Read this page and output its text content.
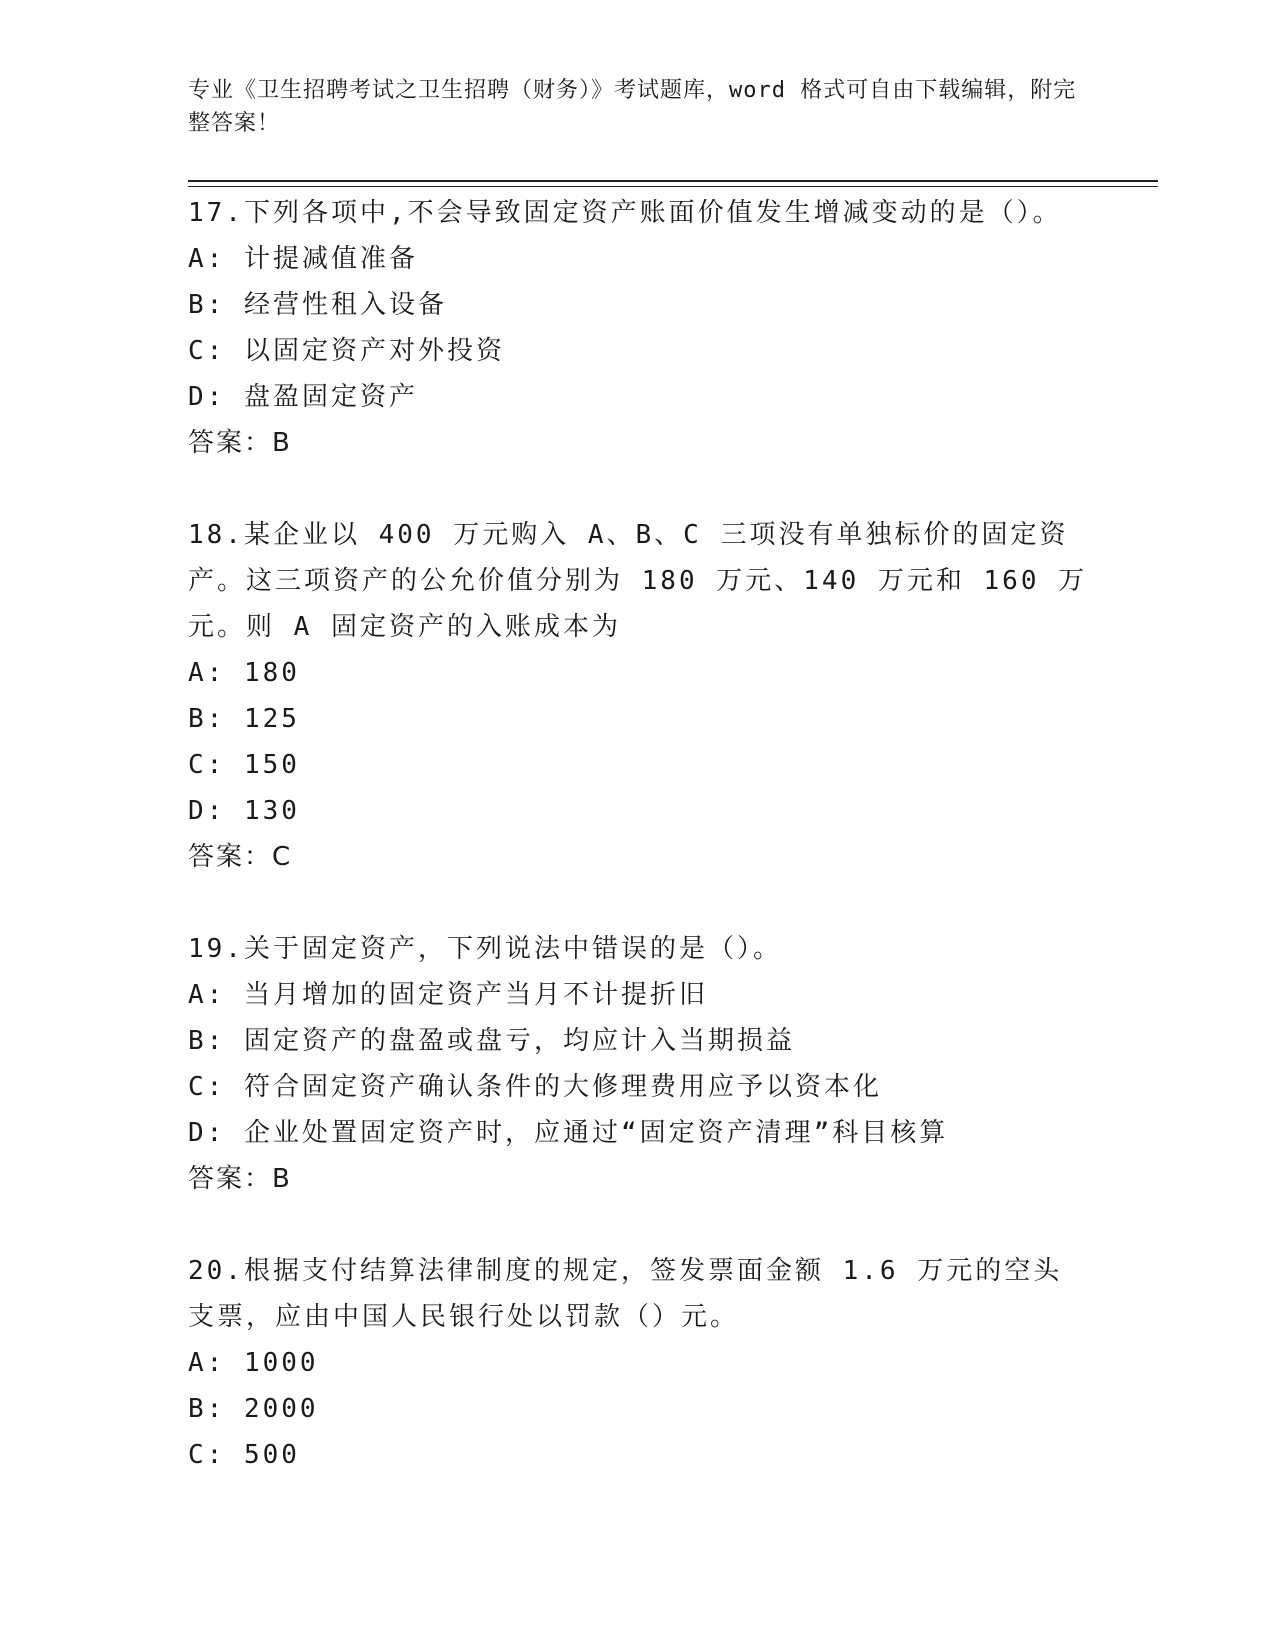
专业《卫生招聘考试之卫生招聘（财务）》考试题库，word 格式可自由下载编辑，附完整答案！
17.下列各项中,不会导致固定资产账面价值发生增减变动的是（）。
A: 计提减值准备
B: 经营性租入设备
C: 以固定资产对外投资
D: 盘盈固定资产
答案：B
18.某企业以 400 万元购入 A、B、C 三项没有单独标价的固定资产。这三项资产的公允价值分别为 180 万元、140 万元和 160 万元。则 A 固定资产的入账成本为
A: 180
B: 125
C: 150
D: 130
答案：C
19.关于固定资产，下列说法中错误的是（）。
A: 当月增加的固定资产当月不计提折旧
B: 固定资产的盘盈或盘亏，均应计入当期损益
C: 符合固定资产确认条件的大修理费用应予以资本化
D: 企业处置固定资产时，应通过“固定资产清理”科目核算
答案：B
20.根据支付结算法律制度的规定，签发票面金额 1.6 万元的空头支票，应由中国人民银行处以罚款（）元。
A: 1000
B: 2000
C: 500
